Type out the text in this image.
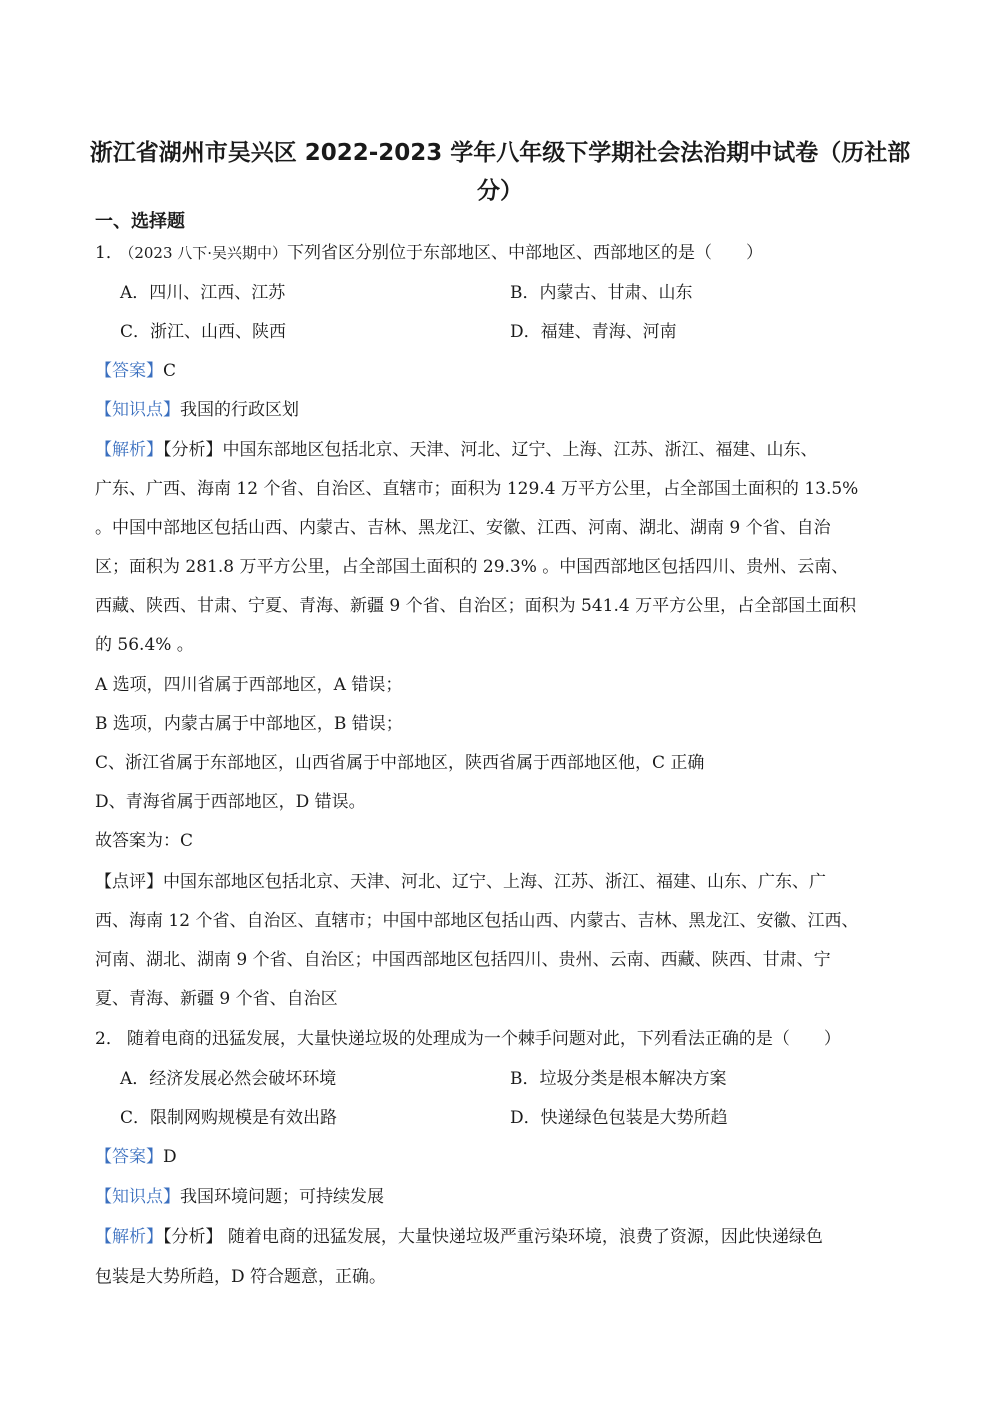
浙江省湖州市吴兴区 2022-2023 学年八年级下学期社会法治期中试卷（历社部
分）
一、选择题
1． （2023 八下·吴兴期中）下列省区分别位于东部地区、中部地区、西部地区的是（　　）
A．四川、江西、江苏	B．内蒙古、甘肃、山东
C．浙江、山西、陕西	D．福建、青海、河南
【答案】C
【知识点】我国的行政区划
【解析】【分析】中国东部地区包括北京、天津、河北、辽宁、上海、江苏、浙江、福建、山东、
广东、广西、海南 12 个省、自治区、直辖市；面积为 129.4 万平方公里，占全部国土面积的 13.5%
。中国中部地区包括山西、内蒙古、吉林、黑龙江、安徽、江西、河南、湖北、湖南 9 个省、自治
区；面积为 281.8 万平方公里，占全部国土面积的 29.3% 。中国西部地区包括四川、贵州、云南、
西藏、陕西、甘肃、宁夏、青海、新疆 9 个省、自治区；面积为 541.4 万平方公里，占全部国土面积
的 56.4% 。
A 选项，四川省属于西部地区，A 错误；
B 选项，内蒙古属于中部地区，B 错误；
C、浙江省属于东部地区，山西省属于中部地区，陕西省属于西部地区他，C 正确
D、青海省属于西部地区，D 错误。
故答案为：C
【点评】中国东部地区包括北京、天津、河北、辽宁、上海、江苏、浙江、福建、山东、广东、广
西、海南 12 个省、自治区、直辖市；中国中部地区包括山西、内蒙古、吉林、黑龙江、安徽、江西、
河南、湖北、湖南 9 个省、自治区；中国西部地区包括四川、贵州、云南、西藏、陕西、甘肃、宁
夏、青海、新疆 9 个省、自治区
2． 随着电商的迅猛发展，大量快递垃圾的处理成为一个棘手问题对此，下列看法正确的是（　　）
A．经济发展必然会破坏环境	B．垃圾分类是根本解决方案
C．限制网购规模是有效出路	D．快递绿色包装是大势所趋
【答案】D
【知识点】我国环境问题；可持续发展
【解析】【分析】 随着电商的迅猛发展，大量快递垃圾严重污染环境，浪费了资源，因此快递绿色
包装是大势所趋，D 符合题意，正确。
